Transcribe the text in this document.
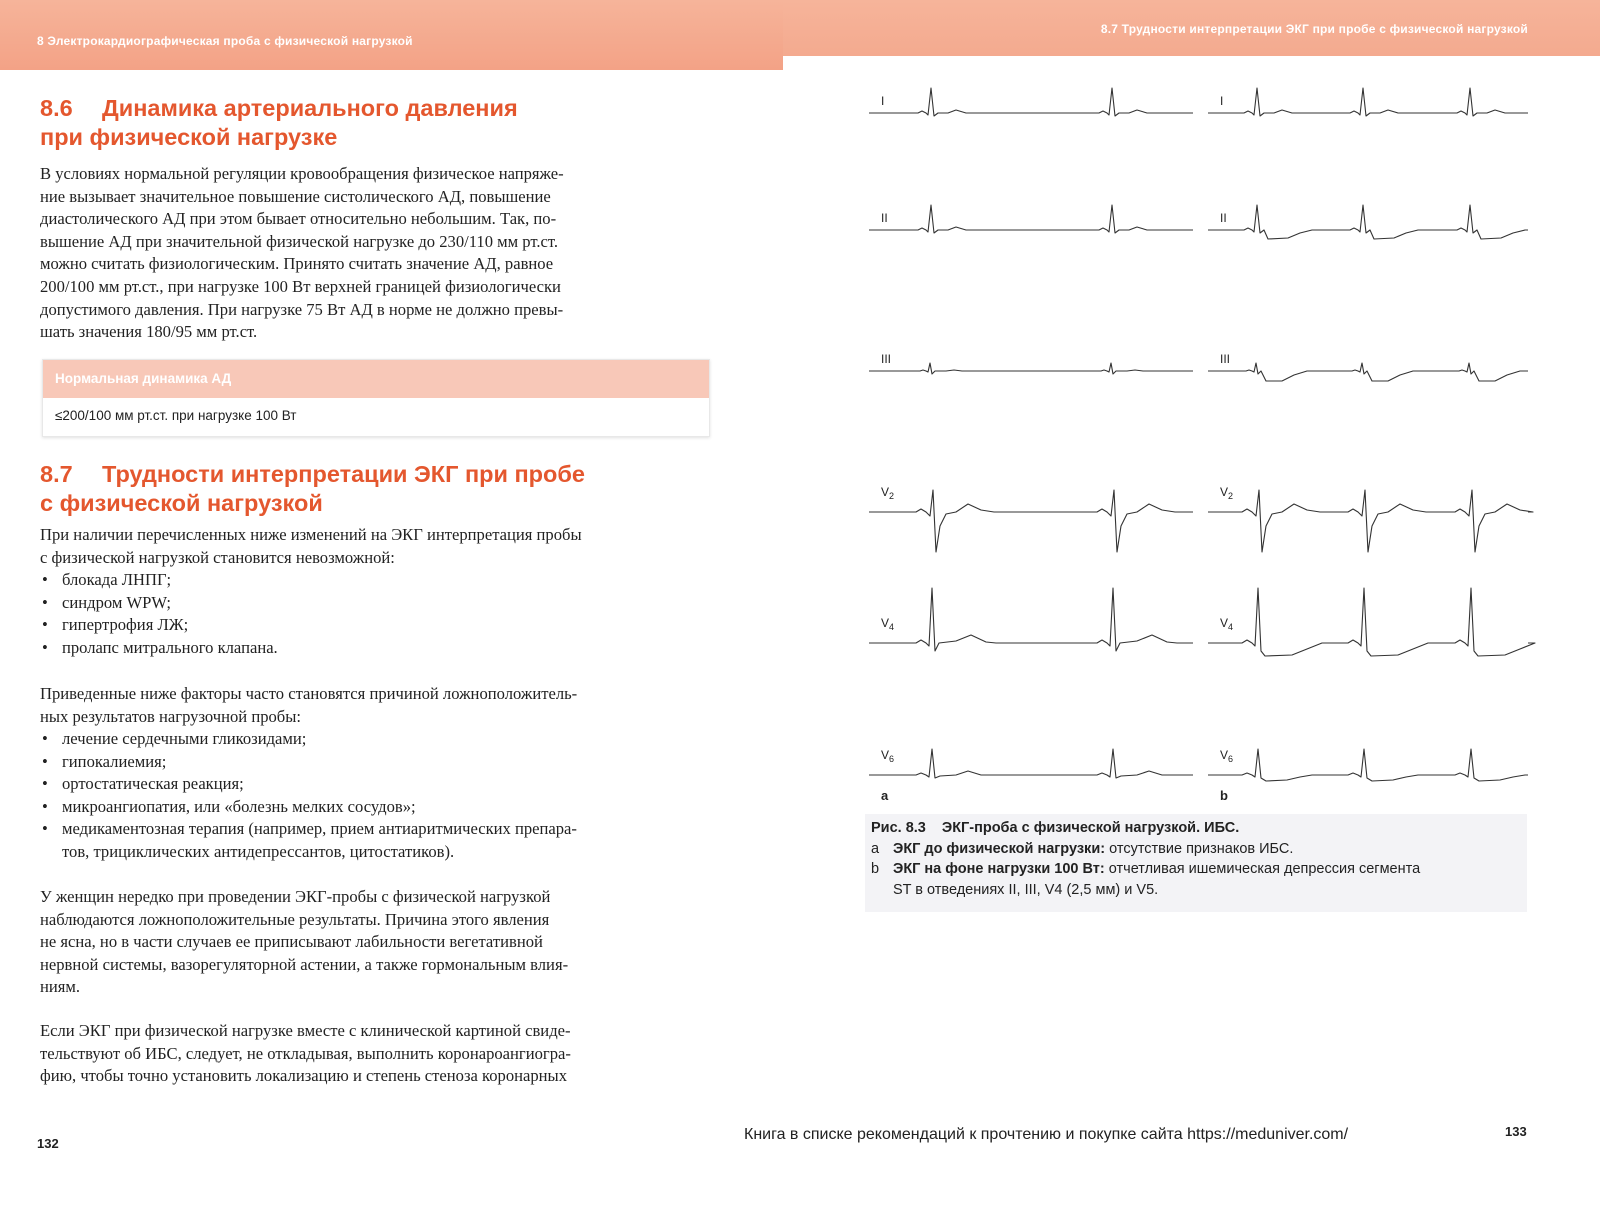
8 Электрокардиографическая проба с физической нагрузкой
8.6 Динамика артериального давления
при физической нагрузке
В условиях нормальной регуляции кровообращения физическое напряже-
ние вызывает значительное повышение систолического АД, повышение
диастолического АД при этом бывает относительно небольшим. Так, по-
вышение АД при значительной физической нагрузке до 230/110 мм рт.ст.
можно считать физиологическим. Принято считать значение АД, равное
200/100 мм рт.ст., при нагрузке 100 Вт верхней границей физиологически
допустимого давления. При нагрузке 75 Вт АД в норме не должно превы-
шать значения 180/95 мм рт.ст.
Нормальная динамика АД
≤200/100 мм рт.ст. при нагрузке 100 Вт
8.7 Трудности интерпретации ЭКГ при пробе
с физической нагрузкой
При наличии перечисленных ниже изменений на ЭКГ интерпретация пробы
с физической нагрузкой становится невозможной:
• блокада ЛНПГ;
• синдром WPW;
• гипертрофия ЛЖ;
• пролапс митрального клапана.
Приведенные ниже факторы часто становятся причиной ложноположитель-
ных результатов нагрузочной пробы:
• лечение сердечными гликозидами;
• гипокалиемия;
• ортостатическая реакция;
• микроангиопатия, или «болезнь мелких сосудов»;
• медикаментозная терапия (например, прием антиаритмических препара-
тов, трициклических антидепрессантов, цитостатиков).
У женщин нередко при проведении ЭКГ-пробы с физической нагрузкой
наблюдаются ложноположительные результаты. Причина этого явления
не ясна, но в части случаев ее приписывают лабильности вегетативной
нервной системы, вазорегуляторной астении, а также гормональным влия-
ниям.
Если ЭКГ при физической нагрузке вместе с клинической картиной свиде-
тельствуют об ИБС, следует, не откладывая, выполнить коронароангиогра-
фию, чтобы точно установить локализацию и степень стеноза коронарных
132
8.7 Трудности интерпретации ЭКГ при пробе с физической нагрузкой
I	I
II	II
III	III
$V_2$	$V_2$
$V_4$	$V_4$
$V_6$	$V_6$
a	b
Рис. 8.3 ЭКГ-проба с физической нагрузкой. ИБС.
a ЭКГ до физической нагрузки: отсутствие признаков ИБС.
b ЭКГ на фоне нагрузки 100 Вт: отчетливая ишемическая депрессия сегмента
ST в отведениях II, III, V4 (2,5 мм) и V5.
Книга в списке рекомендаций к прочтению и покупке сайта https://meduniver.com/	133
